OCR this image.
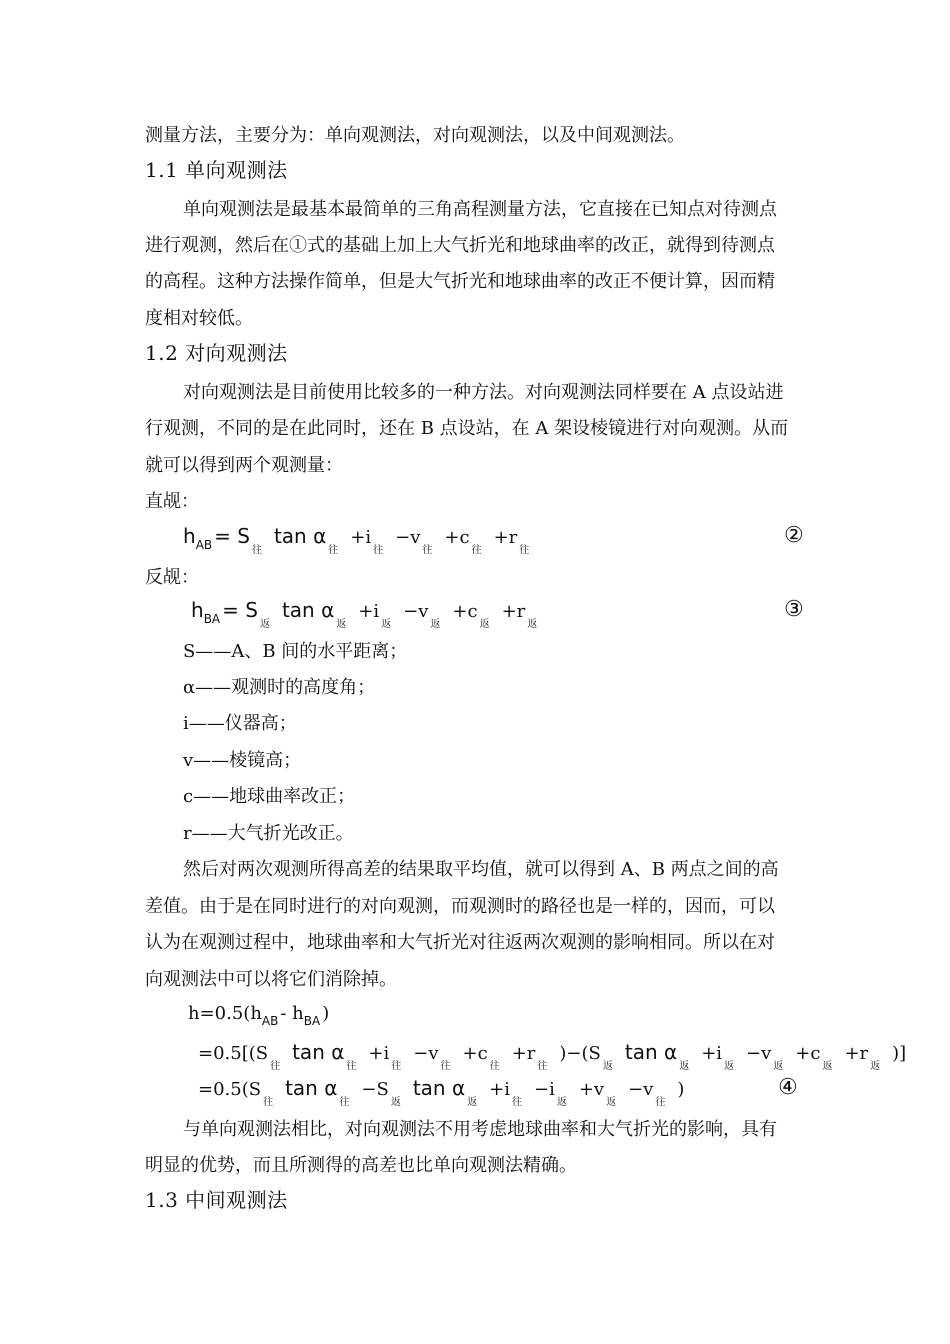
测量方法，主要分为：单向观测法，对向观测法，以及中间观测法。
1.1 单向观测法
单向观测法是最基本最简单的三角高程测量方法，它直接在已知点对待测点
进行观测，然后在①式的基础上加上大气折光和地球曲率的改正，就得到待测点
的高程。这种方法操作简单，但是大气折光和地球曲率的改正不便计算，因而精
度相对较低。
1.2 对向观测法
对向观测法是目前使用比较多的一种方法。对向观测法同样要在 A 点设站进
行观测，不同的是在此同时，还在 B 点设站，在 A 架设棱镜进行对向观测。从而
就可以得到两个观测量：
直觇：
hAB = S往tan α往+i往−v往+c往+r往
②
反觇：
hBA = S返tan α返+i返−v返+c返+r返
③
S——A、B 间的水平距离；
α——观测时的高度角；
i——仪器高；
v——棱镜高；
c——地球曲率改正；
r——大气折光改正。
然后对两次观测所得高差的结果取平均值，就可以得到 A、B 两点之间的高
差值。由于是在同时进行的对向观测，而观测时的路径也是一样的，因而，可以
认为在观测过程中，地球曲率和大气折光对往返两次观测的影响相同。所以在对
向观测法中可以将它们消除掉。
h=0.5(hAB - hBA )
=0.5[(S往tan α往+i往−v往+c往+r往)−(S返tan α返+i返−v返+c返+r返)]
=0.5(S往tan α往−S返tan α返+i往−i返+v返−v往)	④
与单向观测法相比，对向观测法不用考虑地球曲率和大气折光的影响，具有
明显的优势，而且所测得的高差也比单向观测法精确。
1.3 中间观测法
